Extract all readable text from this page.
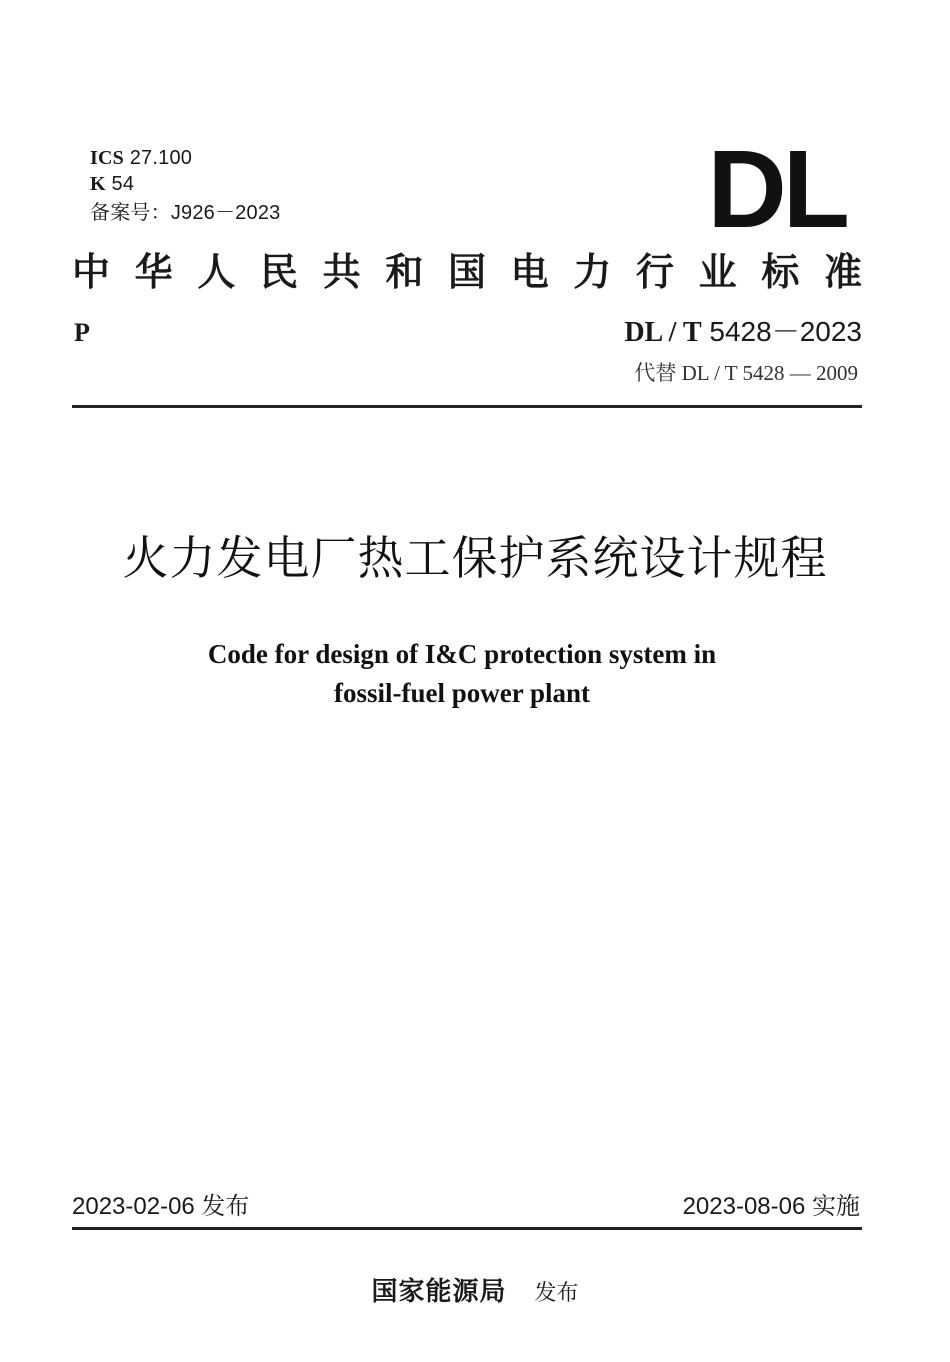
ICS 27.100
K 54
备案号：J926－2023	DL
中华人民共和国电力行业标准
P	DL / T 5428－2023
代替 DL / T 5428 — 2009
火力发电厂热工保护系统设计规程
Code for design of I&C protection system in
fossil-fuel power plant
2023-02-06 发布	2023-08-06 实施
国家能源局 发布
